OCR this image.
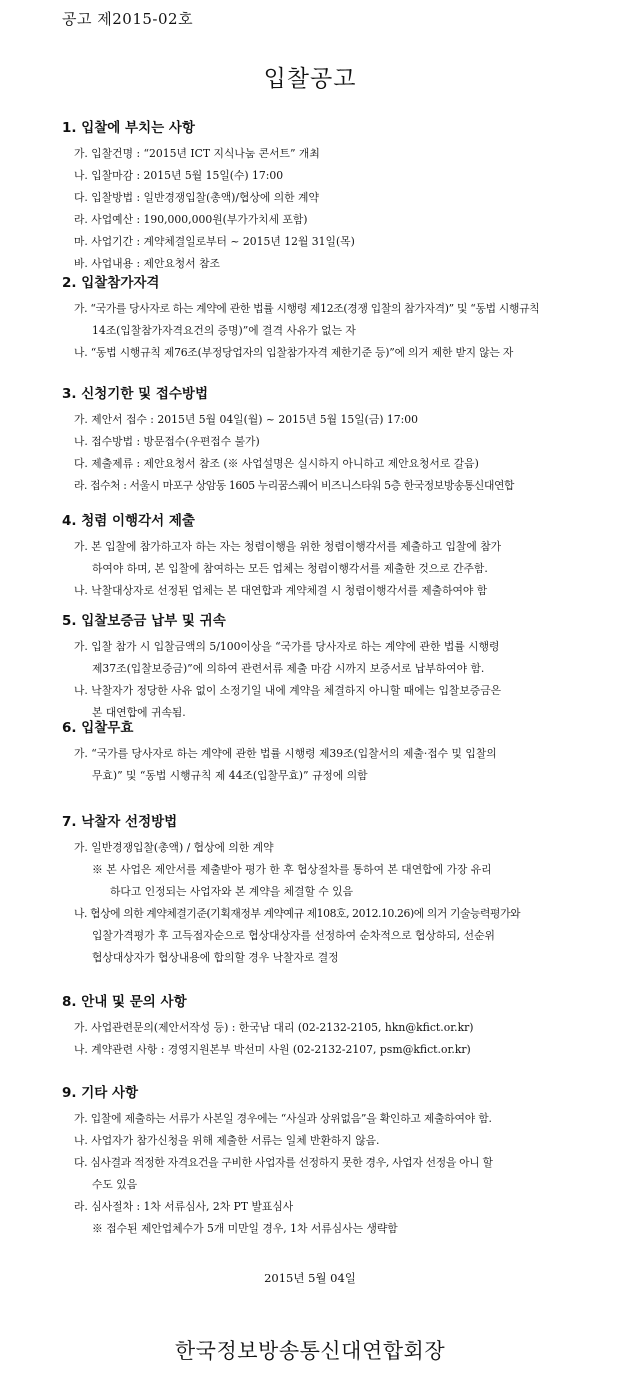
공고 제2015-02호
입찰공고

1. 입찰에 부치는 사항

가. 입찰건명 : “2015년 ICT 지식나눔 콘서트” 개최

나. 입찰마감 : 2015년 5월 15일(수) 17:00

다. 입찰방법 : 일반경쟁입찰(총액)/협상에 의한 계약

라. 사업예산 : 190,000,000원(부가가치세 포함)

마. 사업기간 : 계약체결일로부터 ~ 2015년 12월 31일(목)

바. 사업내용 : 제안요청서 참조

2. 입찰참가자격

가. “국가를 당사자로 하는 계약에 관한 법률 시행령 제12조(경쟁 입찰의 참가자격)” 및 “동법 시행규칙

14조(입찰참가자격요건의 증명)”에 결격 사유가 없는 자

나. “동법 시행규칙 제76조(부정당업자의 입찰참가자격 제한기준 등)”에 의거 제한 받지 않는 자

3. 신청기한 및 접수방법

가. 제안서 접수 : 2015년 5월 04일(월) ~ 2015년 5월 15일(금) 17:00

나. 접수방법 : 방문접수(우편접수 불가)

다. 제출제류 : 제안요청서 참조 (※ 사업설명은 실시하지 아니하고 제안요청서로 갈음)

라. 접수처 : 서울시 마포구 상암동 1605 누리꿈스퀘어 비즈니스타워 5층 한국정보방송통신대연합

4. 청렴 이행각서 제출

가. 본 입찰에 참가하고자 하는 자는 청렴이행을 위한 청렴이행각서를 제출하고 입찰에 참가

하여야 하며, 본 입찰에 참여하는 모든 업체는 청렴이행각서를 제출한 것으로 간주함.

나. 낙찰대상자로 선정된 업체는 본 대연합과 계약체결 시 청렴이행각서를 제출하여야 함

5. 입찰보증금 납부 및 귀속

가. 입찰 참가 시 입찰금액의 5/100이상을 “국가를 당사자로 하는 계약에 관한 법률 시행령

제37조(입찰보증금)”에 의하여 관련서류 제출 마감 시까지 보증서로 납부하여야 함.

나. 낙찰자가 정당한 사유 없이 소정기일 내에 계약을 체결하지 아니할 때에는 입찰보증금은

본 대연합에 귀속됨.

6. 입찰무효

가. “국가를 당사자로 하는 계약에 관한 법률 시행령 제39조(입찰서의 제출·접수 및 입찰의

무효)” 및 “동법 시행규칙 제 44조(입찰무효)” 규정에 의함

7. 낙찰자 선정방법

가. 일반경쟁입찰(총액) / 협상에 의한 계약

※ 본 사업은 제안서를 제출받아 평가 한 후 협상절차를 통하여 본 대연합에 가장 유리

하다고 인정되는 사업자와 본 계약을 체결할 수 있음

나. 협상에 의한 계약체결기준(기획재정부 계약예규 제108호, 2012.10.26)에 의거 기술능력평가와

입찰가격평가 후 고득점자순으로 협상대상자를 선정하여 순차적으로 협상하되, 선순위

협상대상자가 협상내용에 합의할 경우 낙찰자로 결정

8. 안내 및 문의 사항

가. 사업관련문의(제안서작성 등) : 한국남 대리 (02-2132-2105, hkn@kfict.or.kr)

나. 계약관련 사항 : 경영지원본부 박선미 사원 (02-2132-2107, psm@kfict.or.kr)

9. 기타 사항

가. 입찰에 제출하는 서류가 사본일 경우에는 “사실과 상위없음”을 확인하고 제출하여야 함.

나. 사업자가 참가신청을 위해 제출한 서류는 일체 반환하지 않음.

다. 심사결과 적정한 자격요건을 구비한 사업자를 선정하지 못한 경우, 사업자 선정을 아니 할

수도 있음

라. 심사절차 : 1차 서류심사, 2차 PT 발표심사

※ 접수된 제안업체수가 5개 미만일 경우, 1차 서류심사는 생략함

2015년 5월 04일
한국정보방송통신대연합회장
